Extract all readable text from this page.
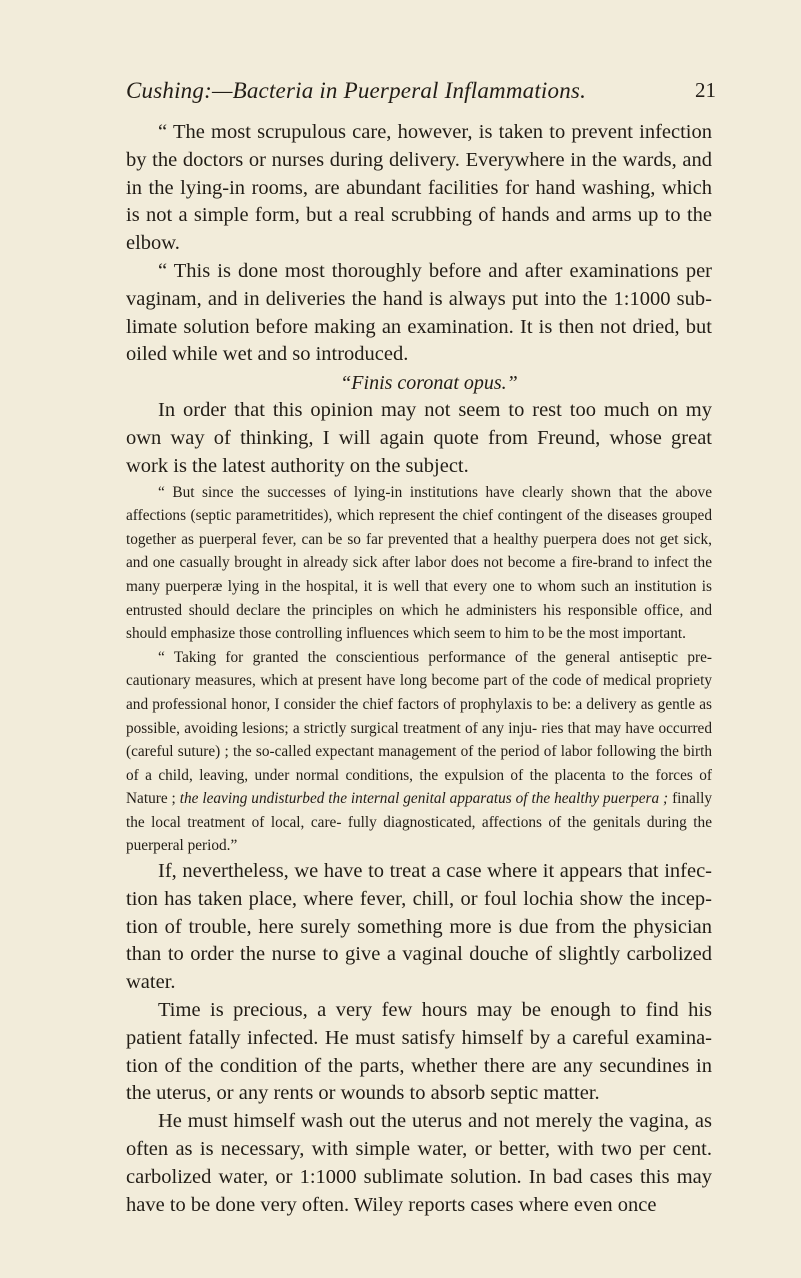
Cushing:—Bacteria in Puerperal Inflammations.	21

“ The most scrupulous care, however, is taken to prevent infection by the doctors or nurses during delivery. Everywhere in the wards, and in the lying-in rooms, are abundant facilities for hand washing, which is not a simple form, but a real scrubbing of hands and arms up to the elbow.

“ This is done most thoroughly before and after examinations per vaginam, and in deliveries the hand is always put into the 1:1000 sub- limate solution before making an examination. It is then not dried, but oiled while wet and so introduced.

“Finis coronat opus.”

In order that this opinion may not seem to rest too much on my own way of thinking, I will again quote from Freund, whose great work is the latest authority on the subject.

“ But since the successes of lying-in institutions have clearly shown that the above affections (septic parametritides), which represent the chief contingent of the diseases grouped together as puerperal fever, can be so far prevented that a healthy puerpera does not get sick, and one casually brought in already sick after labor does not become a fire-brand to infect the many puerperæ lying in the hospital, it is well that every one to whom such an institution is entrusted should declare the principles on which he administers his responsible office, and should emphasize those controlling influences which seem to him to be the most important.

“ Taking for granted the conscientious performance of the general antiseptic pre- cautionary measures, which at present have long become part of the code of medical propriety and professional honor, I consider the chief factors of prophylaxis to be: a delivery as gentle as possible, avoiding lesions; a strictly surgical treatment of any inju- ries that may have occurred (careful suture) ; the so-called expectant management of the period of labor following the birth of a child, leaving, under normal conditions, the expulsion of the placenta to the forces of Nature ; the leaving undisturbed the internal genital apparatus of the healthy puerpera ; finally the local treatment of local, care- fully diagnosticated, affections of the genitals during the puerperal period.”

If, nevertheless, we have to treat a case where it appears that infec- tion has taken place, where fever, chill, or foul lochia show the incep- tion of trouble, here surely something more is due from the physician than to order the nurse to give a vaginal douche of slightly carbolized water.

Time is precious, a very few hours may be enough to find his patient fatally infected. He must satisfy himself by a careful examina- tion of the condition of the parts, whether there are any secundines in the uterus, or any rents or wounds to absorb septic matter.

He must himself wash out the uterus and not merely the vagina, as often as is necessary, with simple water, or better, with two per cent. carbolized water, or 1:1000 sublimate solution. In bad cases this may have to be done very often. Wiley reports cases where even once
